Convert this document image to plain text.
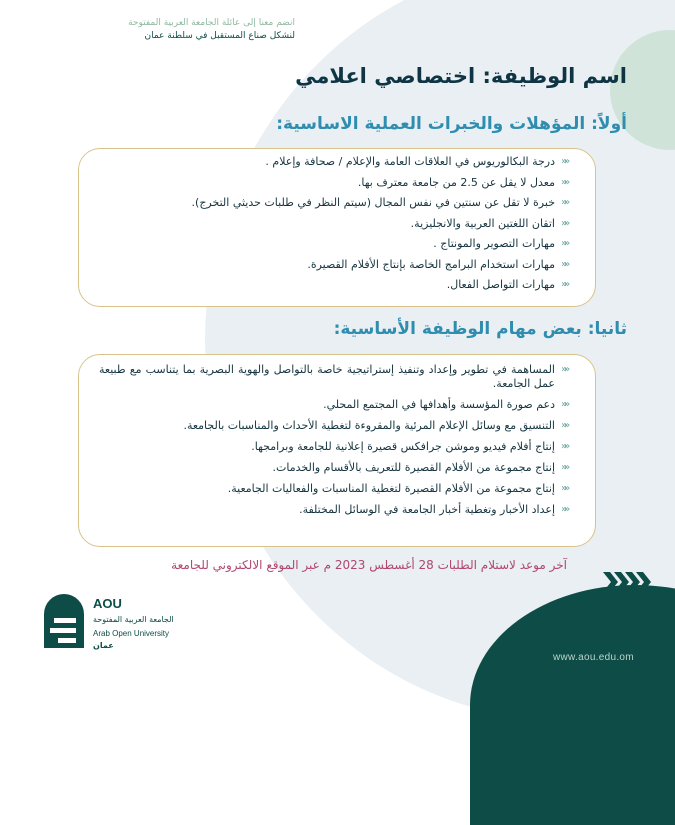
انضم معنا إلى عائلة الجامعة العربية المفتوحة
لنشكل صناع المستقبل في سلطنة عمان
اسم الوظيفة: اختصاصي اعلامي
أولاً: المؤهلات والخبرات العملية الاساسية:
»»
درجة البكالوريوس في العلاقات العامة والإعلام / صحافة وإعلام .
»»
معدل لا يقل عن 2.5 من جامعة معترف بها.
»»
خبرة لا تقل عن سنتين في نفس المجال (سيتم النظر في طلبات حديثي التخرج).
»»
اتقان اللغتين العربية والانجليزية.
»»
مهارات التصوير والمونتاج .
»»
مهارات استخدام البرامج الخاصة بإنتاج الأفلام القصيرة.
»»
مهارات التواصل الفعال.
ثانيا: بعض مهام الوظيفة الأساسية:
»»
المساهمة في تطوير وإعداد وتنفيذ إستراتيجية خاصة بالتواصل والهوية البصرية بما يتناسب مع طبيعة عمل الجامعة.
»»
دعم صورة المؤسسة وأهدافها في المجتمع المحلي.
»»
التنسيق مع وسائل الإعلام المرئية والمقروءة لتغطية الأحداث والمناسبات بالجامعة.
»»
إنتاج أفلام فيديو وموشن جرافكس قصيرة إعلانية للجامعة وبرامجها.
»»
إنتاج مجموعة من الأفلام القصيرة للتعريف بالأقسام والخدمات.
»»
إنتاج مجموعة من الأفلام القصيرة لتغطية المناسبات والفعاليات الجامعية.
»»
إعداد الأخبار وتغطية أخبار الجامعة في الوسائل المختلفة.
آخر موعد لاستلام الطلبات 28 أغسطس 2023 م عبر الموقع الالكتروني للجامعة
AOU
الجامعة العربية المفتوحة
Arab Open University
عمان
www.aou.edu.om
